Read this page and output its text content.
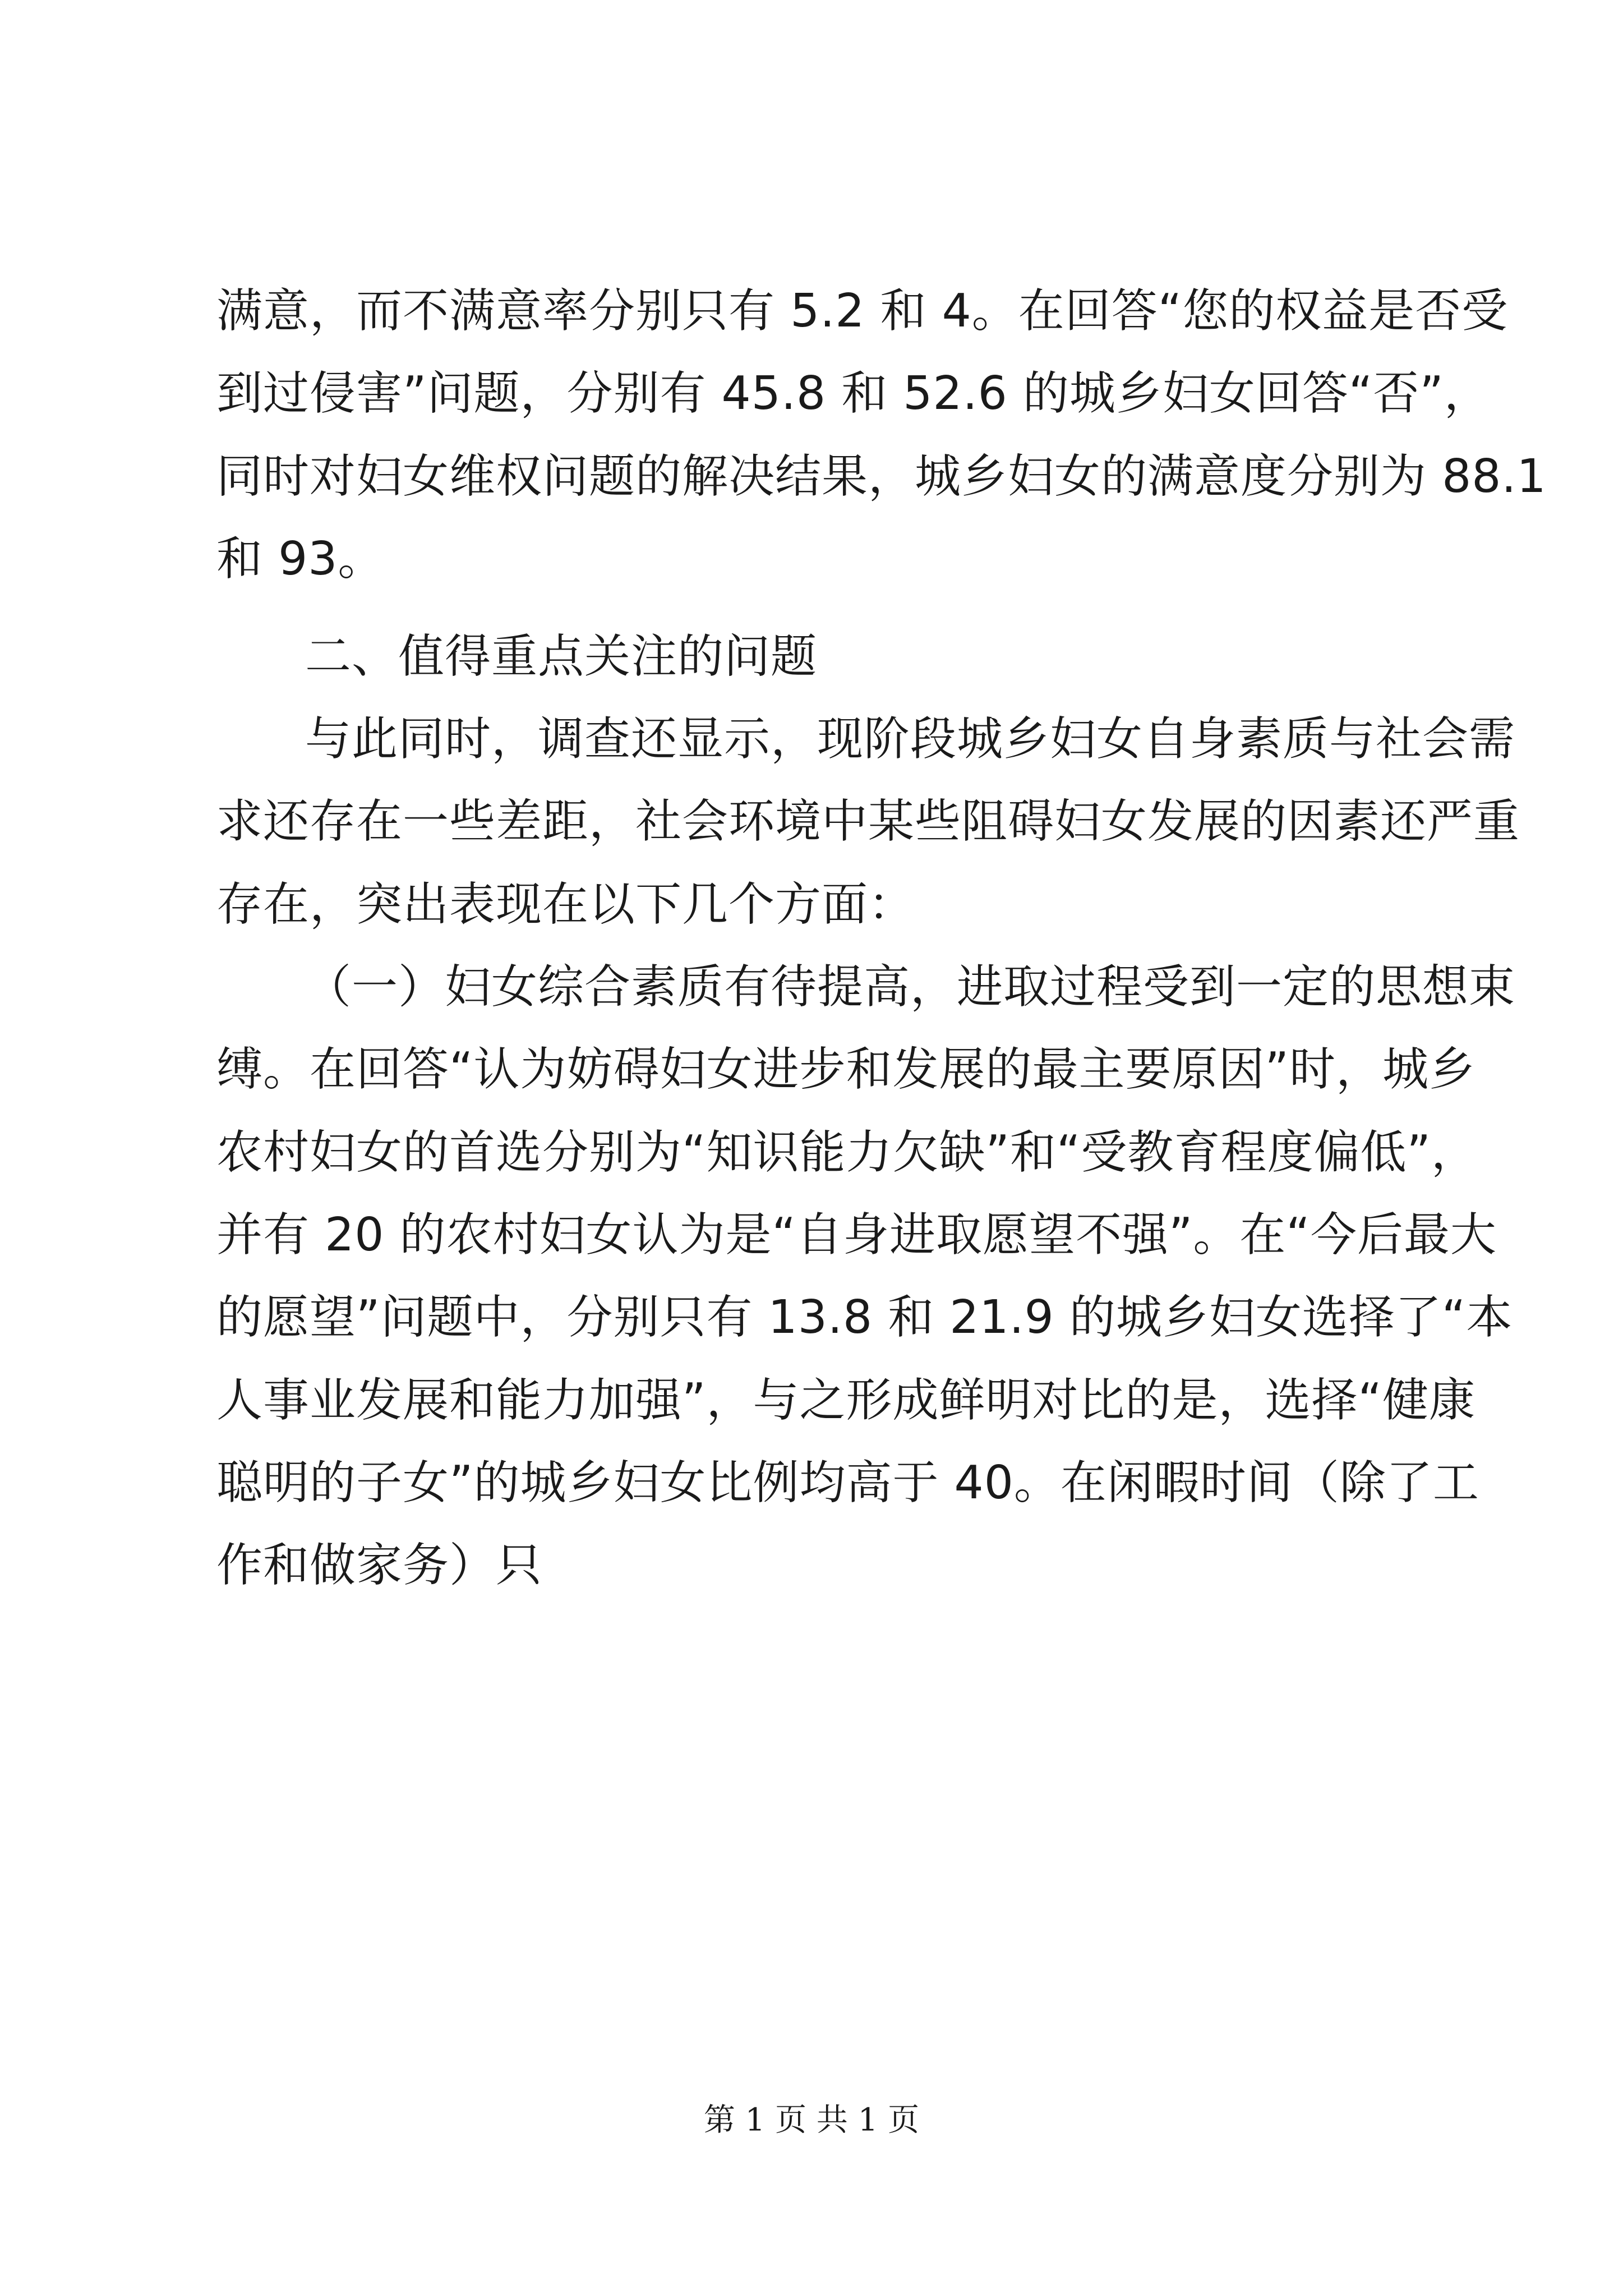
满意，而不满意率分别只有 5.2 和 4。在回答“您的权益是否受
到过侵害”问题，分别有 45.8 和 52.6 的城乡妇女回答“否”，
同时对妇女维权问题的解决结果，城乡妇女的满意度分别为 88.1
和 93。
二、值得重点关注的问题
与此同时，调查还显示，现阶段城乡妇女自身素质与社会需
求还存在一些差距，社会环境中某些阻碍妇女发展的因素还严重
存在，突出表现在以下几个方面：
（一）妇女综合素质有待提高，进取过程受到一定的思想束
缚。在回答“认为妨碍妇女进步和发展的最主要原因”时，城乡
农村妇女的首选分别为“知识能力欠缺”和“受教育程度偏低”，
并有 20 的农村妇女认为是“自身进取愿望不强”。在“今后最大
的愿望”问题中，分别只有 13.8 和 21.9 的城乡妇女选择了“本
人事业发展和能力加强”，与之形成鲜明对比的是，选择“健康
聪明的子女”的城乡妇女比例均高于 40。在闲暇时间（除了工
作和做家务）只
第 1 页 共 1 页
